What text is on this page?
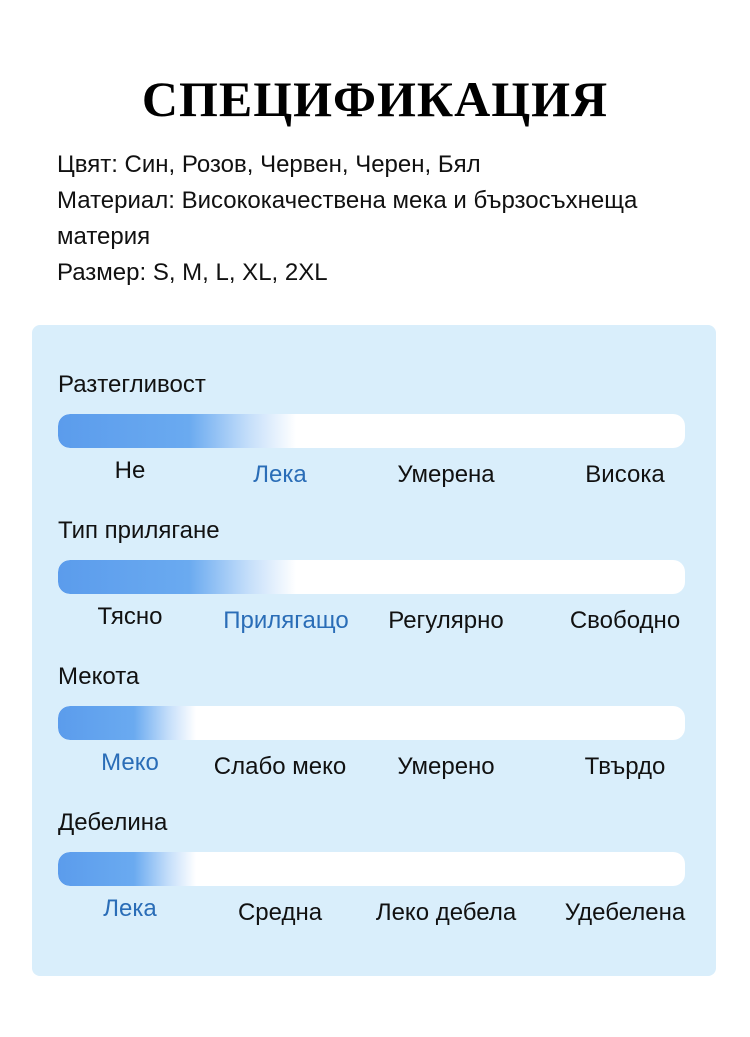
СПЕЦИФИКАЦИЯ
Цвят: Син, Розов, Червен, Черен, Бял
Материал: Висококачествена мека и бързосъхнеща материя
Размер: S, M, L, XL, 2XL
Разтегливост
Не	Лека	Умерена	Висока
Тип прилягане
Тясно	Прилягащо	Регулярно	Свободно
Мекота
Меко	Слабо меко	Умерено	Твърдо
Дебелина
Лека	Средна	Леко дебела	Удебелена
